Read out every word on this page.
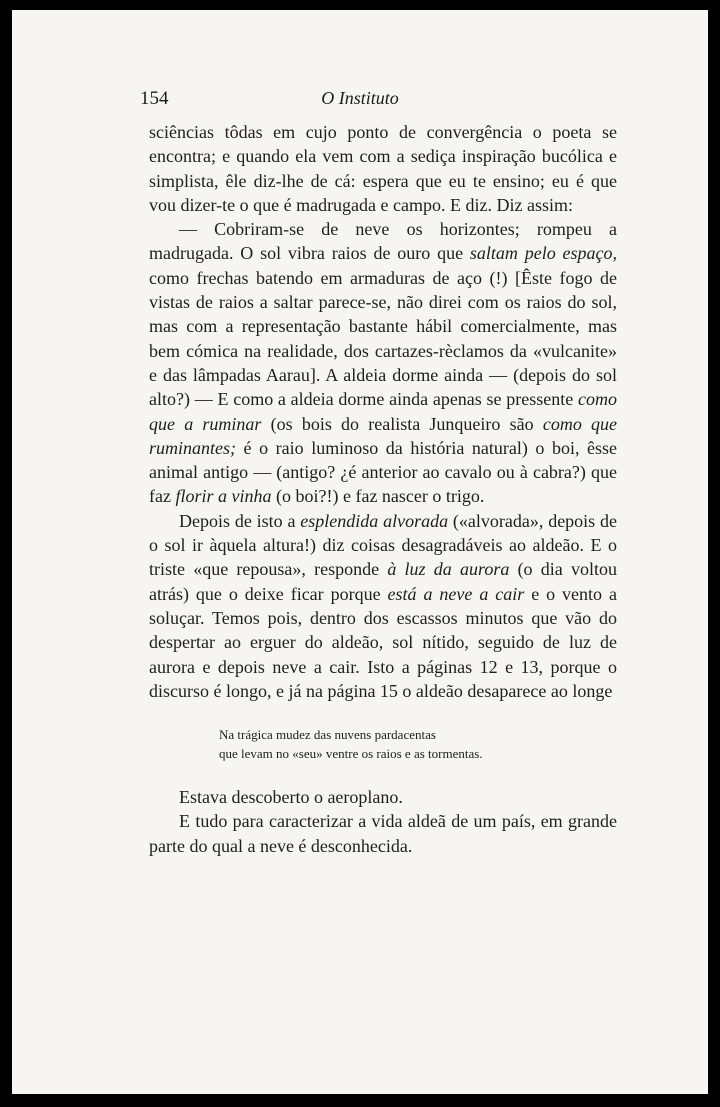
154	O Instituto

sciências tôdas em cujo ponto de convergência o poeta se encontra; e quando ela vem com a sediça inspiração bucólica e simplista, êle diz-lhe de cá: espera que eu te ensino; eu é que vou dizer-te o que é madrugada e campo. E diz. Diz assim:

— Cobriram-se de neve os horizontes; rompeu a madrugada. O sol vibra raios de ouro que saltam pelo espaço, como frechas batendo em armaduras de aço (!) [Êste fogo de vistas de raios a saltar parece-se, não direi com os raios do sol, mas com a representação bastante hábil comercialmente, mas bem cómica na realidade, dos cartazes-rèclamos da «vulcanite» e das lâmpadas Aarau]. A aldeia dorme ainda — (depois do sol alto?) — E como a aldeia dorme ainda apenas se pressente como que a ruminar (os bois do realista Junqueiro são como que ruminantes; é o raio luminoso da história natural) o boi, êsse animal antigo — (antigo? ¿é anterior ao cavalo ou à cabra?) que faz florir a vinha (o boi?!) e faz nascer o trigo.

Depois de isto a esplendida alvorada («alvorada», depois de o sol ir àquela altura!) diz coisas desagradáveis ao aldeão. E o triste «que repousa», responde à luz da aurora (o dia voltou atrás) que o deixe ficar porque está a neve a cair e o vento a soluçar. Temos pois, dentro dos escassos minutos que vão do despertar ao erguer do aldeão, sol nítido, seguido de luz de aurora e depois neve a cair. Isto a páginas 12 e 13, porque o discurso é longo, e já na página 15 o aldeão desaparece ao longe

Na trágica mudez das nuvens pardacentas

que levam no «seu» ventre os raios e as tormentas.

Estava descoberto o aeroplano.

E tudo para caracterizar a vida aldeã de um país, em grande parte do qual a neve é desconhecida.
